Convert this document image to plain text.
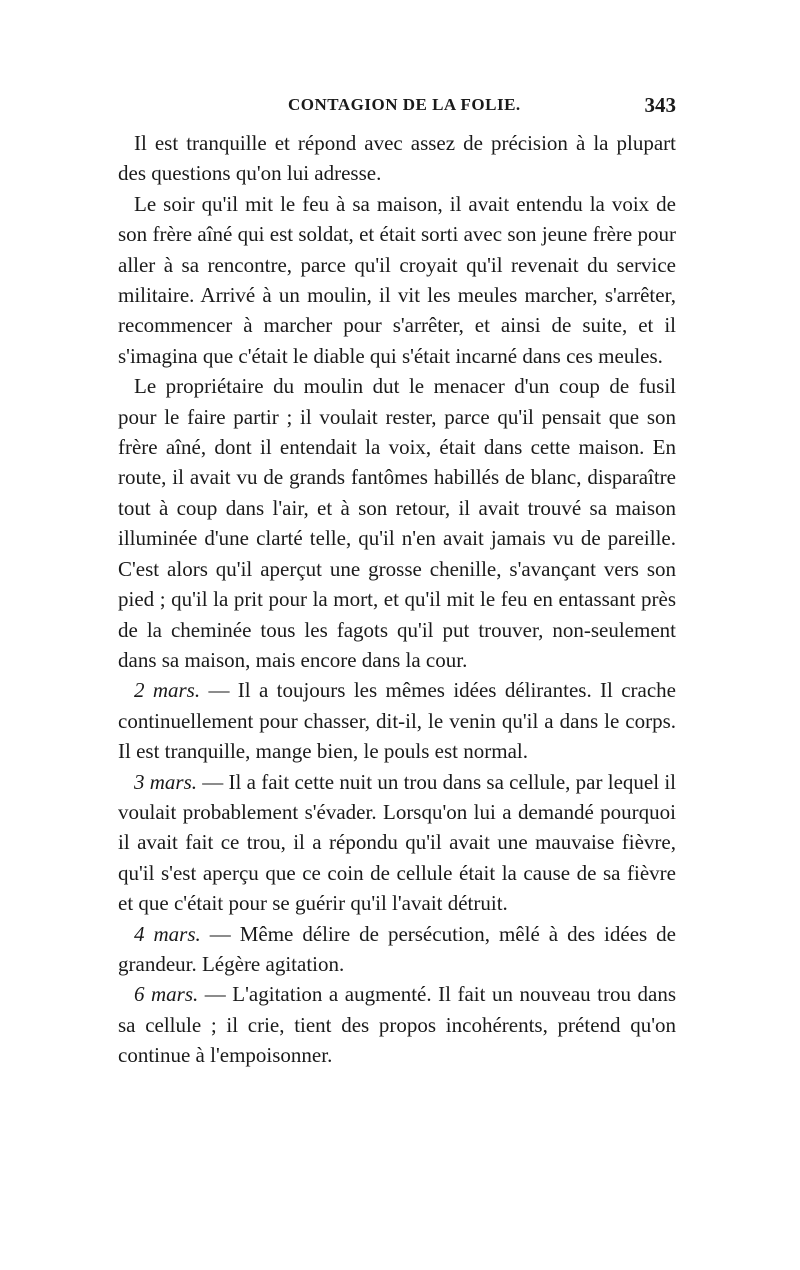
CONTAGION DE LA FOLIE.	343

Il est tranquille et répond avec assez de précision à la plupart des questions qu'on lui adresse.

Le soir qu'il mit le feu à sa maison, il avait entendu la voix de son frère aîné qui est soldat, et était sorti avec son jeune frère pour aller à sa rencontre, parce qu'il croyait qu'il revenait du service militaire. Arrivé à un moulin, il vit les meules marcher, s'arrêter, recommencer à marcher pour s'arrêter, et ainsi de suite, et il s'imagina que c'était le diable qui s'était incarné dans ces meules.

Le propriétaire du moulin dut le menacer d'un coup de fusil pour le faire partir ; il voulait rester, parce qu'il pensait que son frère aîné, dont il entendait la voix, était dans cette maison. En route, il avait vu de grands fantômes habillés de blanc, disparaître tout à coup dans l'air, et à son retour, il avait trouvé sa maison illuminée d'une clarté telle, qu'il n'en avait jamais vu de pareille. C'est alors qu'il aperçut une grosse chenille, s'avançant vers son pied ; qu'il la prit pour la mort, et qu'il mit le feu en entassant près de la cheminée tous les fagots qu'il put trouver, non-seulement dans sa maison, mais encore dans la cour.

2 mars. — Il a toujours les mêmes idées délirantes. Il crache continuellement pour chasser, dit-il, le venin qu'il a dans le corps. Il est tranquille, mange bien, le pouls est normal.

3 mars. — Il a fait cette nuit un trou dans sa cellule, par lequel il voulait probablement s'évader. Lorsqu'on lui a demandé pourquoi il avait fait ce trou, il a répondu qu'il avait une mauvaise fièvre, qu'il s'est aperçu que ce coin de cellule était la cause de sa fièvre et que c'était pour se guérir qu'il l'avait détruit.

4 mars. — Même délire de persécution, mêlé à des idées de grandeur. Légère agitation.

6 mars. — L'agitation a augmenté. Il fait un nouveau trou dans sa cellule ; il crie, tient des propos incohérents, prétend qu'on continue à l'empoisonner.
